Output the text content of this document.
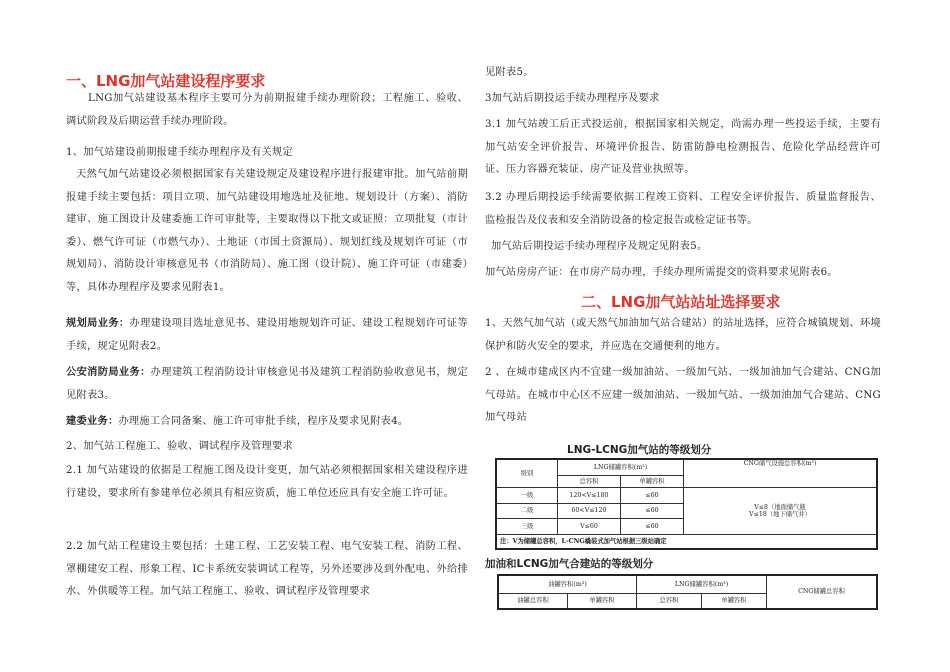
一、LNG加气站建设程序要求

LNG加气站建设基本程序主要可分为前期报建手续办理阶段；工程施工、验收、调试阶段及后期运营手续办理阶段。

1、加气站建设前期报建手续办理程序及有关规定

天然气加气站建设必须根据国家有关建设规定及建设程序进行报建审批。加气站前期报建手续主要包括：项目立项、加气站建设用地选址及征地、规划设计（方案）、消防建审、施工图设计及建委施工许可审批等，主要取得以下批文或证照：立项批复（市计委）、燃气许可证（市燃气办）、土地证（市国土资源局）、规划红线及规划许可证（市规划局）、消防设计审核意见书（市消防局）、施工图（设计院）、施工许可证（市建委）等，具体办理程序及要求见附表1。

规划局业务：办理建设项目选址意见书、建设用地规划许可证、建设工程规划许可证等手续，规定见附表2。

公安消防局业务：办理建筑工程消防设计审核意见书及建筑工程消防验收意见书，规定见附表3。

建委业务：办理施工合同备案、施工许可审批手续，程序及要求见附表4。

2、加气站工程施工、验收、调试程序及管理要求

2.1 加气站建设的依据是工程施工图及设计变更，加气站必须根据国家相关建设程序进行建设，要求所有参建单位必须具有相应资质，施工单位还应具有安全施工许可证。

2.2 加气站工程建设主要包括：土建工程、工艺安装工程、电气安装工程、消防工程、罩棚建安工程、形象工程、IC卡系统安装调试工程等，另外还要涉及到外配电、外给排水、外供暖等工程。加气站工程施工、验收、调试程序及管理要求

见附表5。

3加气站后期投运手续办理程序及要求

3.1 加气站竣工后正式投运前，根据国家相关规定，尚需办理一些投运手续，主要有加气站安全评价报告、环境评价报告、防雷防静电检测报告、危险化学品经营许可证、压力容器充装证、房产证及营业执照等。

3.2 办理后期投运手续需要依据工程竣工资料、工程安全评价报告、质量监督报告、监检报告及仪表和安全消防设备的检定报告或检定证书等。

加气站后期投运手续办理程序及规定见附表5。

加气站房房产证：在市房产局办理，手续办理所需提交的资料要求见附表6。

二、LNG加气站站址选择要求

1、天然气加气站（或天然气加油加气站合建站）的站址选择，应符合城镇规划、环境保护和防火安全的要求，并应选在交通便利的地方。

2 、在城市建成区内不宜建一级加油站、一级加气站、一级加油加气合建站、CNG加气母站。在城市中心区不应建一级加油站、一级加气站、一级加油加气合建站、CNG加气母站

LNG-LCNG加气站的等级划分
级别	LNG储罐容积(m³)		CNG储气设施总容积(m³)
	总容积	单罐容积	
一级	120<V≤180	≤60	V≤8（地面储气瓶
V≤18（地下储气井）

二级	60<V≤120	≤60	
三级	V≤60	≤60	
注：V为储罐总容积，L-CNG橇装式加气站根据三级站确定			
加油和LCNG加气合建站的等级划分
油罐容积(m³)		LNG储罐容积(m³)		CNG储罐总容积
油罐总容积	单罐容积	总容积	单罐容积	
